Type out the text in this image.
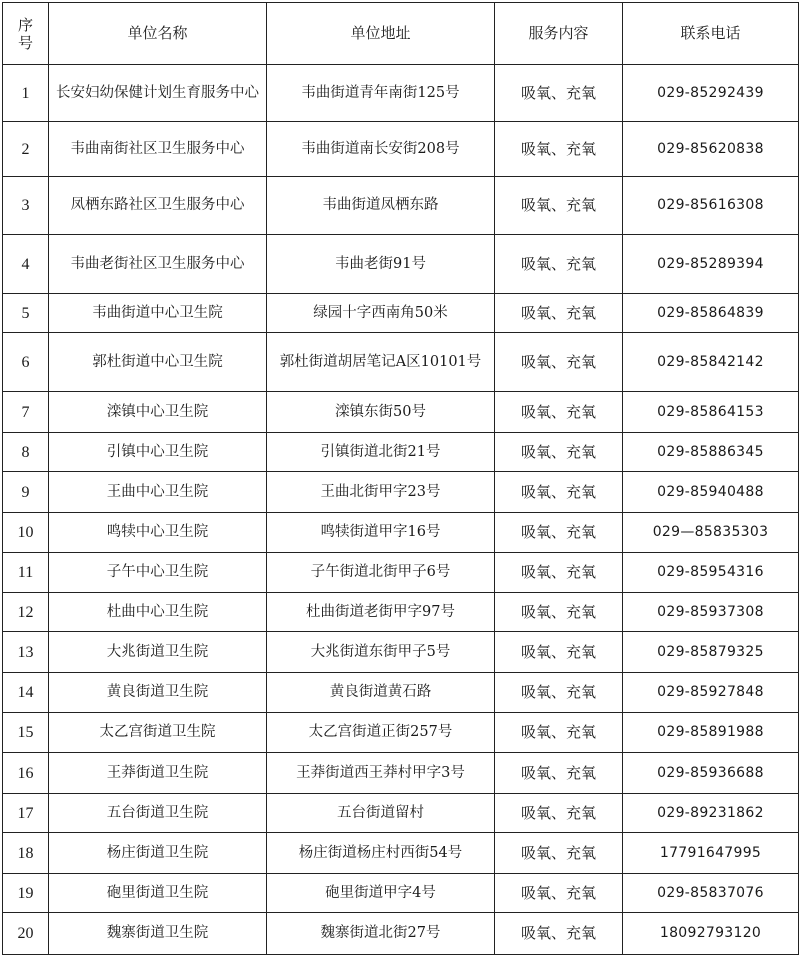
序
号	单位名称	单位地址	服务内容	联系电话
1	长安妇幼保健计划生育服务中心	韦曲街道青年南街125号	吸氧、充氧	029-85292439
2	韦曲南街社区卫生服务中心	韦曲街道南长安街208号	吸氧、充氧	029-85620838
3	凤栖东路社区卫生服务中心	韦曲街道凤栖东路	吸氧、充氧	029-85616308
4	韦曲老街社区卫生服务中心	韦曲老街91号	吸氧、充氧	029-85289394
5	韦曲街道中心卫生院	绿园十字西南角50米	吸氧、充氧	029-85864839
6	郭杜街道中心卫生院	郭杜街道胡居笔记A区10101号	吸氧、充氧	029-85842142
7	滦镇中心卫生院	滦镇东街50号	吸氧、充氧	029-85864153
8	引镇中心卫生院	引镇街道北街21号	吸氧、充氧	029-85886345
9	王曲中心卫生院	王曲北街甲字23号	吸氧、充氧	029-85940488
10	鸣犊中心卫生院	鸣犊街道甲字16号	吸氧、充氧	029—85835303
11	子午中心卫生院	子午街道北街甲子6号	吸氧、充氧	029-85954316
12	杜曲中心卫生院	杜曲街道老街甲字97号	吸氧、充氧	029-85937308
13	大兆街道卫生院	大兆街道东街甲子5号	吸氧、充氧	029-85879325
14	黄良街道卫生院	黄良街道黄石路	吸氧、充氧	029-85927848
15	太乙宫街道卫生院	太乙宫街道正街257号	吸氧、充氧	029-85891988
16	王莽街道卫生院	王莽街道西王莽村甲字3号	吸氧、充氧	029-85936688
17	五台街道卫生院	五台街道留村	吸氧、充氧	029-89231862
18	杨庄街道卫生院	杨庄街道杨庄村西街54号	吸氧、充氧	17791647995
19	砲里街道卫生院	砲里街道甲字4号	吸氧、充氧	029-85837076
20	魏寨街道卫生院	魏寨街道北街27号	吸氧、充氧	18092793120
